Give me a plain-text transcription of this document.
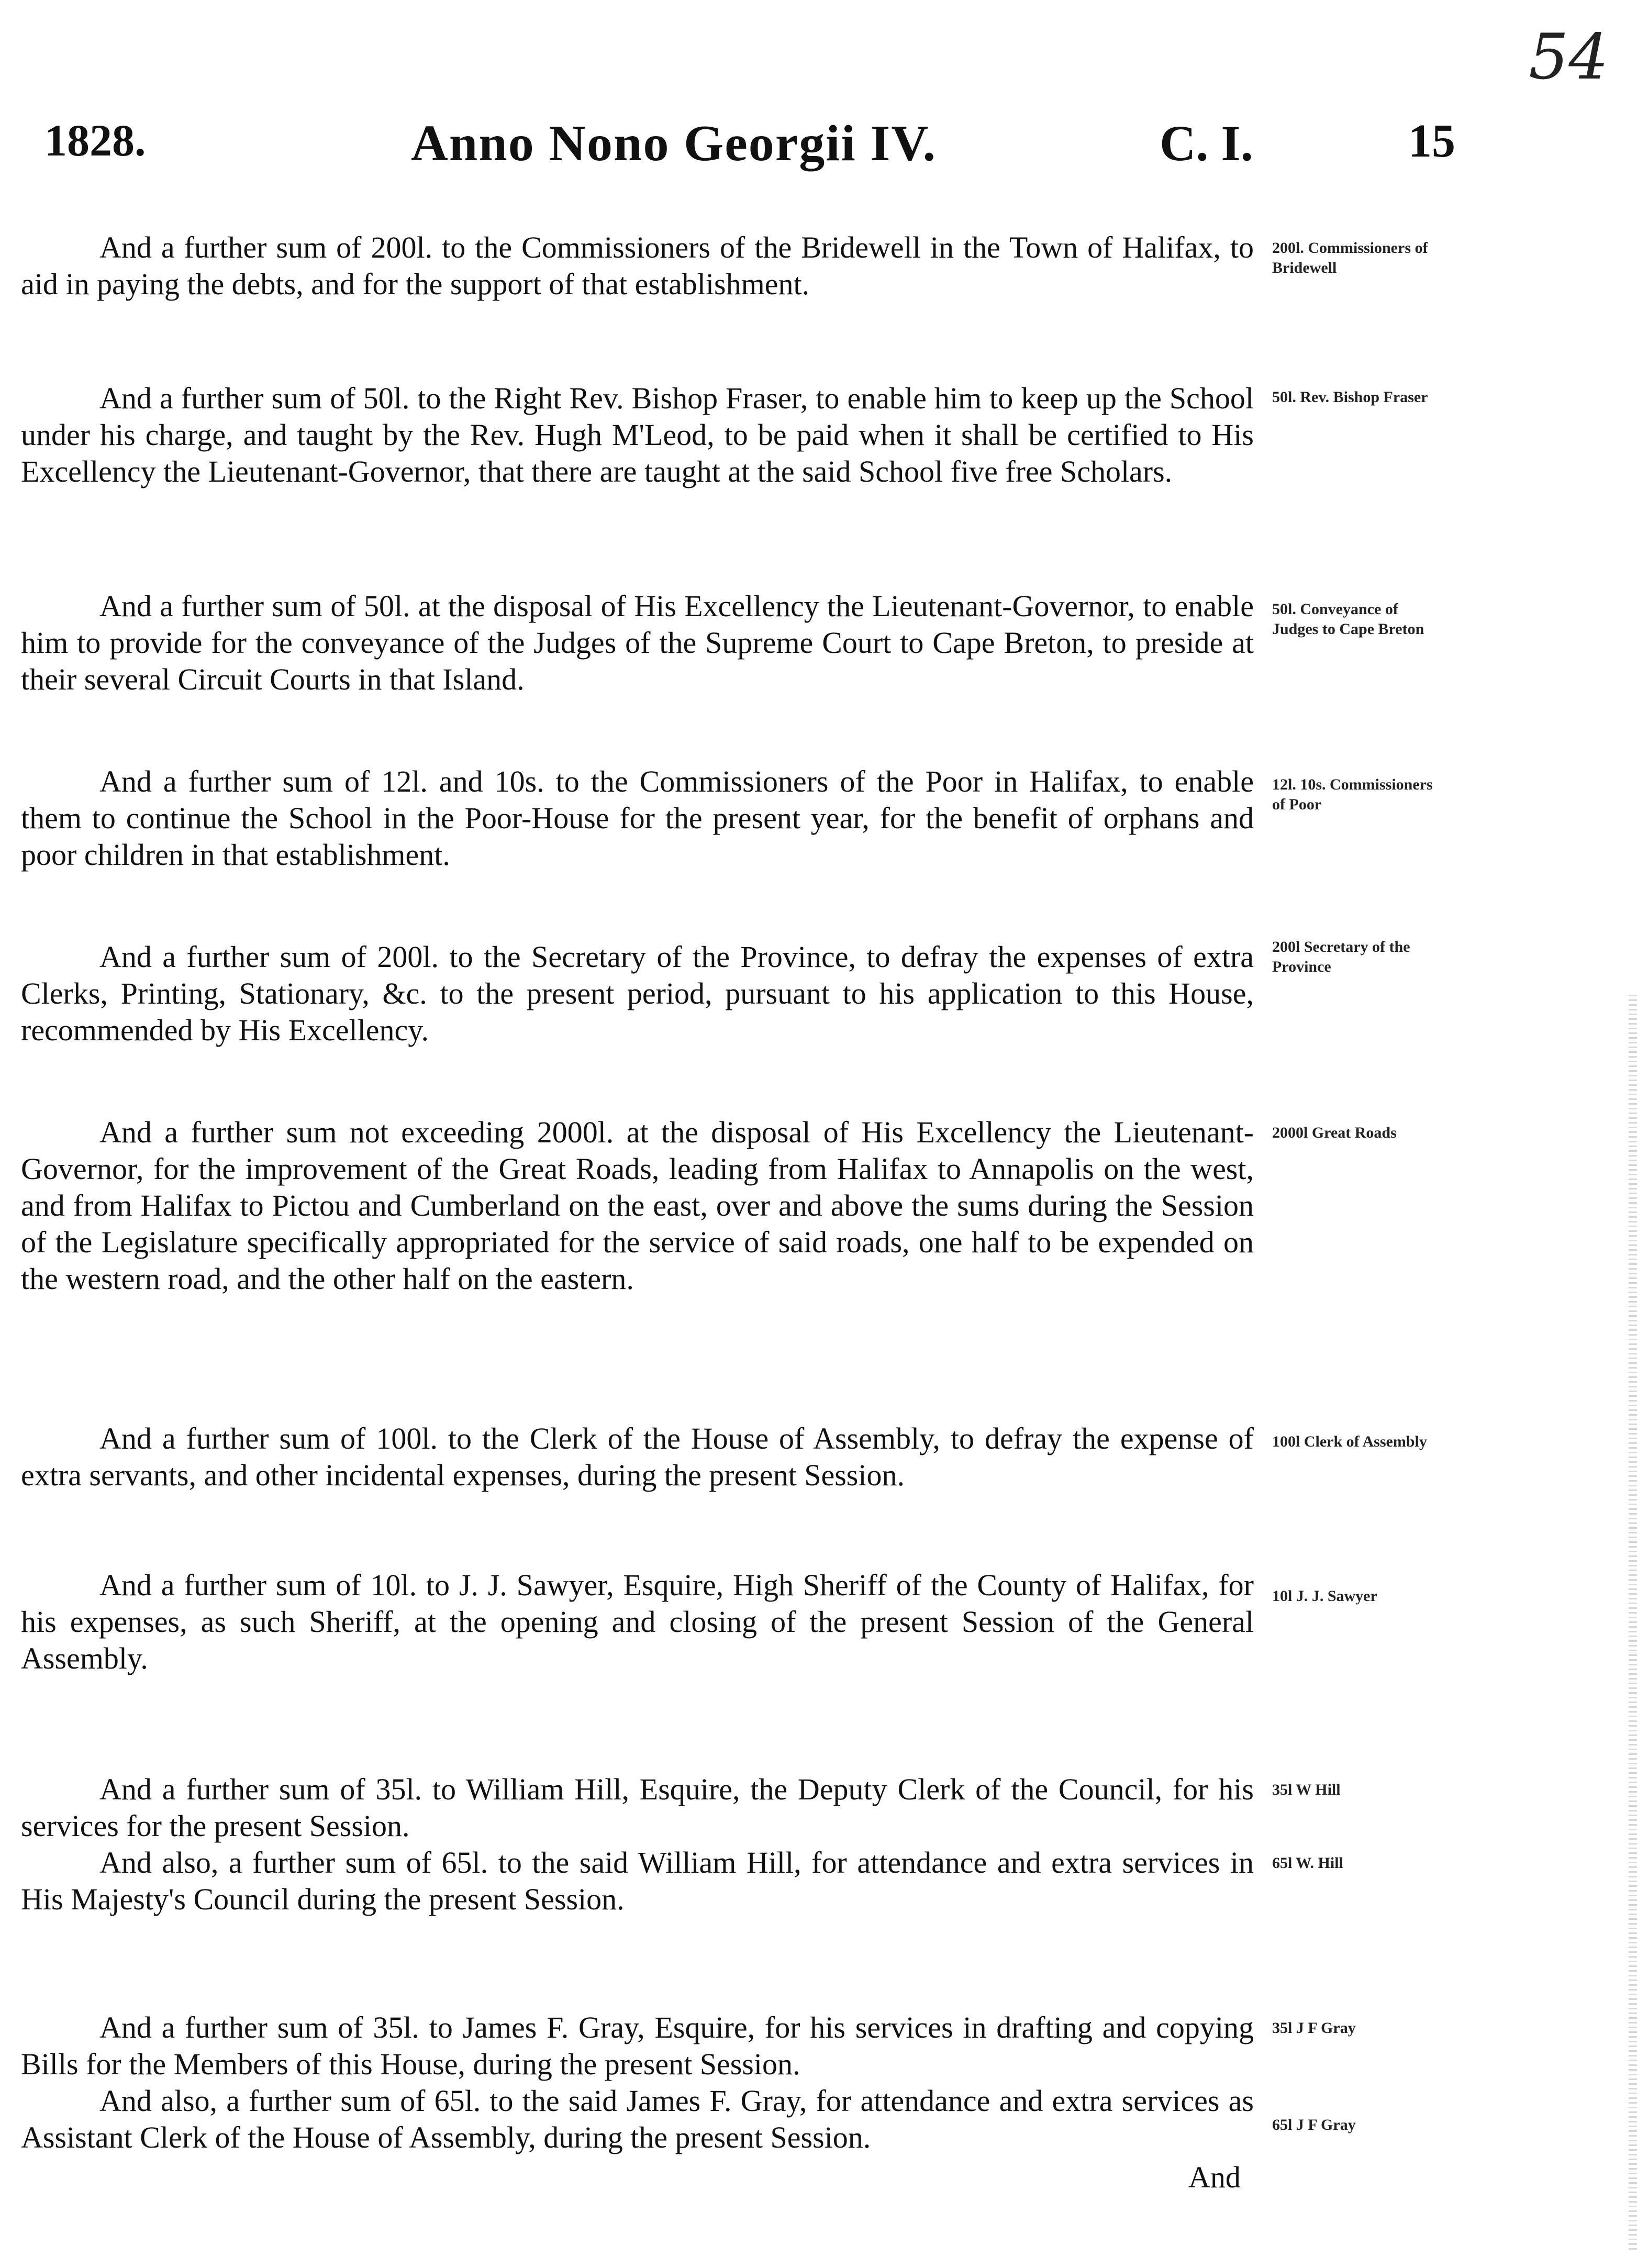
54
1828.	Anno Nono Georgii IV.	C. I.	15

And a further sum of 200l. to the Commissioners of the Bridewell in the Town of Halifax, to aid in paying the debts, and for the support of that establishment.

200l. Commissioners of Bridewell

And a further sum of 50l. to the Right Rev. Bishop Fraser, to enable him to keep up the School under his charge, and taught by the Rev. Hugh M'Leod, to be paid when it shall be certified to His Excellency the Lieutenant-Governor, that there are taught at the said School five free Scholars.

50l. Rev. Bishop Fraser

And a further sum of 50l. at the disposal of His Excellency the Lieutenant-Governor, to enable him to provide for the conveyance of the Judges of the Supreme Court to Cape Breton, to preside at their several Circuit Courts in that Island.

50l. Conveyance of Judges to Cape Breton

And a further sum of 12l. and 10s. to the Commissioners of the Poor in Halifax, to enable them to continue the School in the Poor-House for the present year, for the benefit of orphans and poor children in that establishment.

12l. 10s. Commissioners of Poor

And a further sum of 200l. to the Secretary of the Province, to defray the expenses of extra Clerks, Printing, Stationary, &c. to the present period, pursuant to his application to this House, recommended by His Excellency.

200l Secretary of the Province

And a further sum not exceeding 2000l. at the disposal of His Excellency the Lieutenant-Governor, for the improvement of the Great Roads, leading from Halifax to Annapolis on the west, and from Halifax to Pictou and Cumberland on the east, over and above the sums during the Session of the Legislature specifically appropriated for the service of said roads, one half to be expended on the western road, and the other half on the eastern.

2000l Great Roads

And a further sum of 100l. to the Clerk of the House of Assembly, to defray the expense of extra servants, and other incidental expenses, during the present Session.

100l Clerk of Assembly

And a further sum of 10l. to J. J. Sawyer, Esquire, High Sheriff of the County of Halifax, for his expenses, as such Sheriff, at the opening and closing of the present Session of the General Assembly.

10l J. J. Sawyer

And a further sum of 35l. to William Hill, Esquire, the Deputy Clerk of the Council, for his services for the present Session.

35l W Hill

And also, a further sum of 65l. to the said William Hill, for attendance and extra services in His Majesty's Council during the present Session.

65l W. Hill

And a further sum of 35l. to James F. Gray, Esquire, for his services in drafting and copying Bills for the Members of this House, during the present Session.

35l J F Gray

And also, a further sum of 65l. to the said James F. Gray, for attendance and extra services as Assistant Clerk of the House of Assembly, during the present Session.	65l J F Gray
And
